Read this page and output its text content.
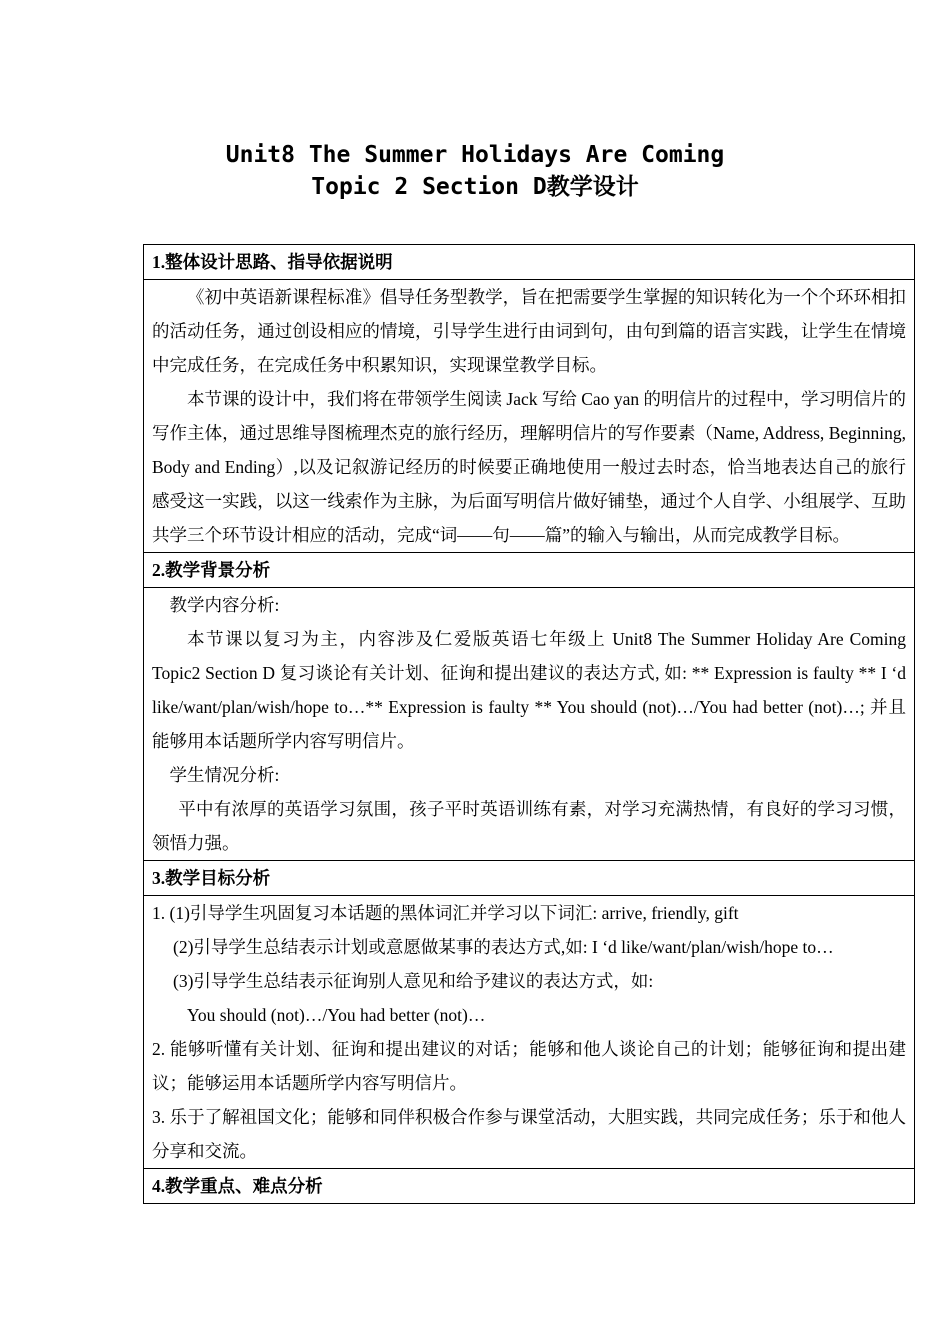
Unit8 The Summer Holidays Are Coming
Topic 2 Section D教学设计
1.整体设计思路、指导依据说明

《初中英语新课程标准》倡导任务型教学，旨在把需要学生掌握的知识转化为一个个环环相扣的活动任务，通过创设相应的情境，引导学生进行由词到句，由句到篇的语言实践，让学生在情境中完成任务，在完成任务中积累知识，实现课堂教学目标。

本节课的设计中，我们将在带领学生阅读 Jack 写给 Cao yan 的明信片的过程中，学习明信片的写作主体，通过思维导图梳理杰克的旅行经历，理解明信片的写作要素（Name, Address, Beginning, Body and Ending）,以及记叙游记经历的时候要正确地使用一般过去时态，恰当地表达自己的旅行感受这一实践，以这一线索作为主脉，为后面写明信片做好铺垫，通过个人自学、小组展学、互助共学三个环节设计相应的活动，完成“词——句——篇”的输入与输出，从而完成教学目标。

2.教学背景分析

教学内容分析:

本节课以复习为主，内容涉及仁爱版英语七年级上 Unit8 The Summer Holiday Are Coming Topic2 Section D 复习谈论有关计划、征询和提出建议的表达方式, 如: ** Expression is faulty ** I ‘d like/want/plan/wish/hope to…** Expression is faulty ** You should (not)…/You had better (not)…; 并且能够用本话题所学内容写明信片。

学生情况分析:

平中有浓厚的英语学习氛围，孩子平时英语训练有素，对学习充满热情，有良好的学习习惯，领悟力强。

3.教学目标分析

1. (1)引导学生巩固复习本话题的黑体词汇并学习以下词汇: arrive, friendly, gift

(2)引导学生总结表示计划或意愿做某事的表达方式,如: I ‘d like/want/plan/wish/hope to…

(3)引导学生总结表示征询别人意见和给予建议的表达方式，如:

You should (not)…/You had better (not)…

2. 能够听懂有关计划、征询和提出建议的对话；能够和他人谈论自己的计划；能够征询和提出建议；能够运用本话题所学内容写明信片。

3. 乐于了解祖国文化；能够和同伴积极合作参与课堂活动，大胆实践，共同完成任务；乐于和他人分享和交流。

4.教学重点、难点分析
